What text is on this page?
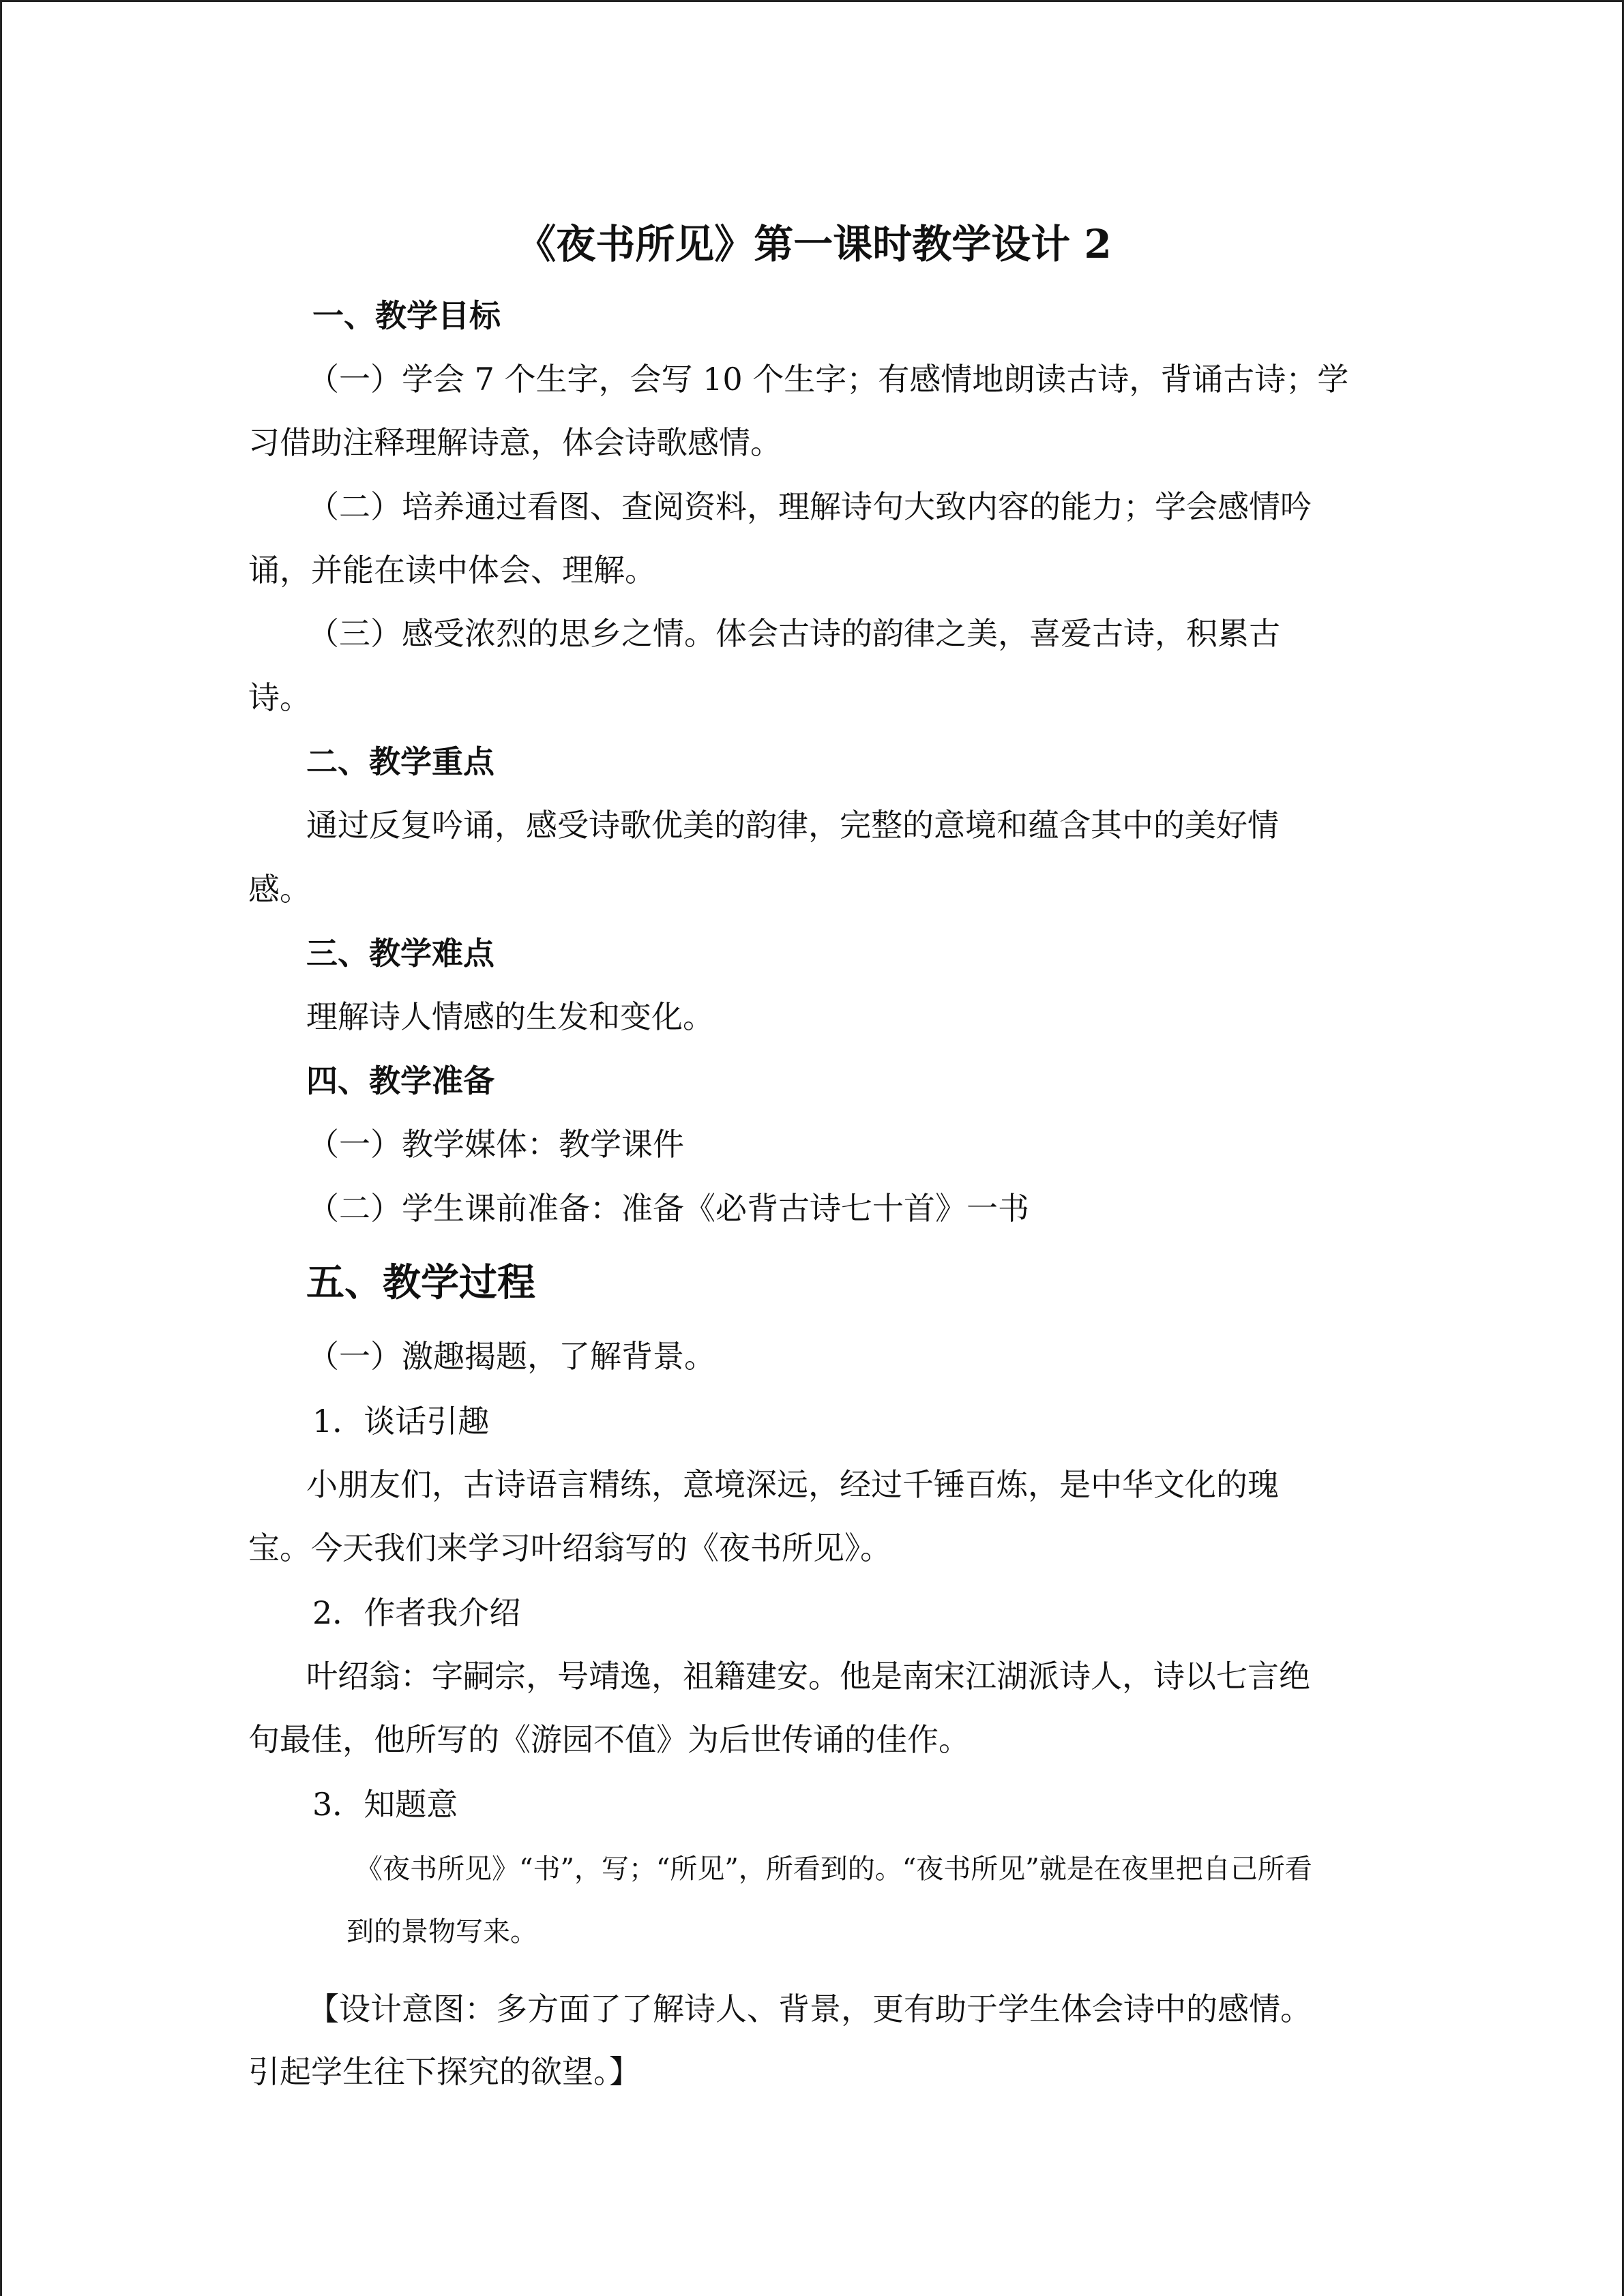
《夜书所见》第一课时教学设计 2
一、教学目标
（一）学会 7 个生字，会写 10 个生字；有感情地朗读古诗，背诵古诗；学
习借助注释理解诗意，体会诗歌感情。
（二）培养通过看图、查阅资料，理解诗句大致内容的能力；学会感情吟
诵，并能在读中体会、理解。
（三）感受浓烈的思乡之情。体会古诗的韵律之美，喜爱古诗，积累古
诗。
二、教学重点
通过反复吟诵，感受诗歌优美的韵律，完整的意境和蕴含其中的美好情
感。
三、教学难点
理解诗人情感的生发和变化。
四、教学准备
（一）教学媒体：教学课件
（二）学生课前准备：准备《必背古诗七十首》一书
五、教学过程
（一）激趣揭题，了解背景。
1．谈话引趣
小朋友们，古诗语言精练，意境深远，经过千锤百炼，是中华文化的瑰
宝。今天我们来学习叶绍翁写的《夜书所见》。
2．作者我介绍
叶绍翁：字嗣宗，号靖逸，祖籍建安。他是南宋江湖派诗人，诗以七言绝
句最佳，他所写的《游园不值》为后世传诵的佳作。
3．知题意
《夜书所见》“书”，写；“所见”，所看到的。“夜书所见”就是在夜里把自己所看
到的景物写来。
【设计意图：多方面了了解诗人、背景，更有助于学生体会诗中的感情。
引起学生往下探究的欲望。】
